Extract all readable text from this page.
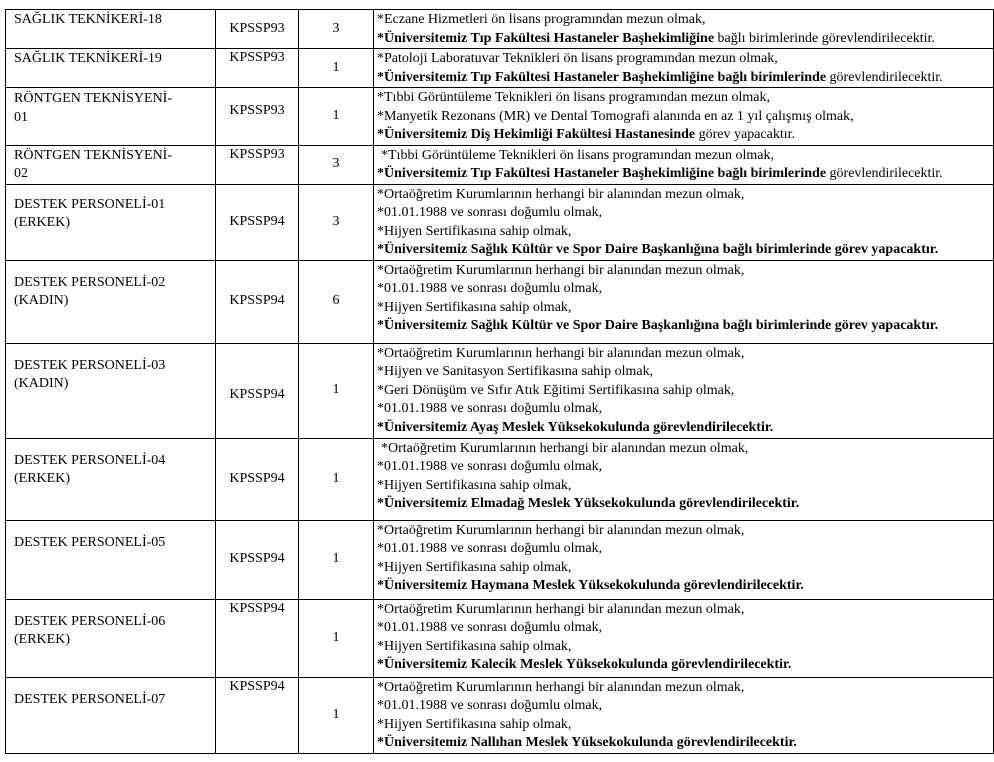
SAĞLIK TEKNİKERİ-18	KPSSP93	3	*Eczane Hizmetleri ön lisans programından mezun olmak,
*Üniversitemiz Tıp Fakültesi Hastaneler Başhekimliğine bağlı birimlerinde görevlendirilecektir.

SAĞLIK TEKNİKERİ-19	KPSSP93	1	*Patoloji Laboratuvar Teknikleri ön lisans programından mezun olmak,
*Üniversitemiz Tıp Fakültesi Hastaneler Başhekimliğine bağlı birimlerinde görevlendirilecektir.

RÖNTGEN TEKNİSYENİ-
01	KPSSP93	1	*Tıbbi Görüntüleme Teknikleri ön lisans programından mezun olmak,
*Manyetik Rezonans (MR) ve Dental Tomografi alanında en az 1 yıl çalışmış olmak,
*Üniversitemiz Diş Hekimliği Fakültesi Hastanesinde görev yapacaktır.

RÖNTGEN TEKNİSYENİ-
02	KPSSP93	3	*Tıbbi Görüntüleme Teknikleri ön lisans programından mezun olmak,
*Üniversitemiz Tıp Fakültesi Hastaneler Başhekimliğine bağlı birimlerinde görevlendirilecektir.

DESTEK PERSONELİ-01
(ERKEK)	KPSSP94	3	*Ortaöğretim Kurumlarının herhangi bir alanından mezun olmak,
*01.01.1988 ve sonrası doğumlu olmak,
*Hijyen Sertifikasına sahip olmak,
*Üniversitemiz Sağlık Kültür ve Spor Daire Başkanlığına bağlı birimlerinde görev yapacaktır.

DESTEK PERSONELİ-02
(KADIN)	KPSSP94	6	*Ortaöğretim Kurumlarının herhangi bir alanından mezun olmak,
*01.01.1988 ve sonrası doğumlu olmak,
*Hijyen Sertifikasına sahip olmak,
*Üniversitemiz Sağlık Kültür ve Spor Daire Başkanlığına bağlı birimlerinde görev yapacaktır.

DESTEK PERSONELİ-03
(KADIN)	KPSSP94	1	*Ortaöğretim Kurumlarının herhangi bir alanından mezun olmak,
*Hijyen ve Sanitasyon Sertifikasına sahip olmak,
*Geri Dönüşüm ve Sıfır Atık Eğitimi Sertifikasına sahip olmak,
*01.01.1988 ve sonrası doğumlu olmak,
*Üniversitemiz Ayaş Meslek Yüksekokulunda görevlendirilecektir.

DESTEK PERSONELİ-04
(ERKEK)	KPSSP94	1	*Ortaöğretim Kurumlarının herhangi bir alanından mezun olmak,
*01.01.1988 ve sonrası doğumlu olmak,
*Hijyen Sertifikasına sahip olmak,
*Üniversitemiz Elmadağ Meslek Yüksekokulunda görevlendirilecektir.

DESTEK PERSONELİ-05	KPSSP94	1	*Ortaöğretim Kurumlarının herhangi bir alanından mezun olmak,
*01.01.1988 ve sonrası doğumlu olmak,
*Hijyen Sertifikasına sahip olmak,
*Üniversitemiz Haymana Meslek Yüksekokulunda görevlendirilecektir.

DESTEK PERSONELİ-06
(ERKEK)	KPSSP94	1	*Ortaöğretim Kurumlarının herhangi bir alanından mezun olmak,
*01.01.1988 ve sonrası doğumlu olmak,
*Hijyen Sertifikasına sahip olmak,
*Üniversitemiz Kalecik Meslek Yüksekokulunda görevlendirilecektir.

DESTEK PERSONELİ-07	KPSSP94	1	*Ortaöğretim Kurumlarının herhangi bir alanından mezun olmak,
*01.01.1988 ve sonrası doğumlu olmak,
*Hijyen Sertifikasına sahip olmak,
*Üniversitemiz Nallıhan Meslek Yüksekokulunda görevlendirilecektir.
